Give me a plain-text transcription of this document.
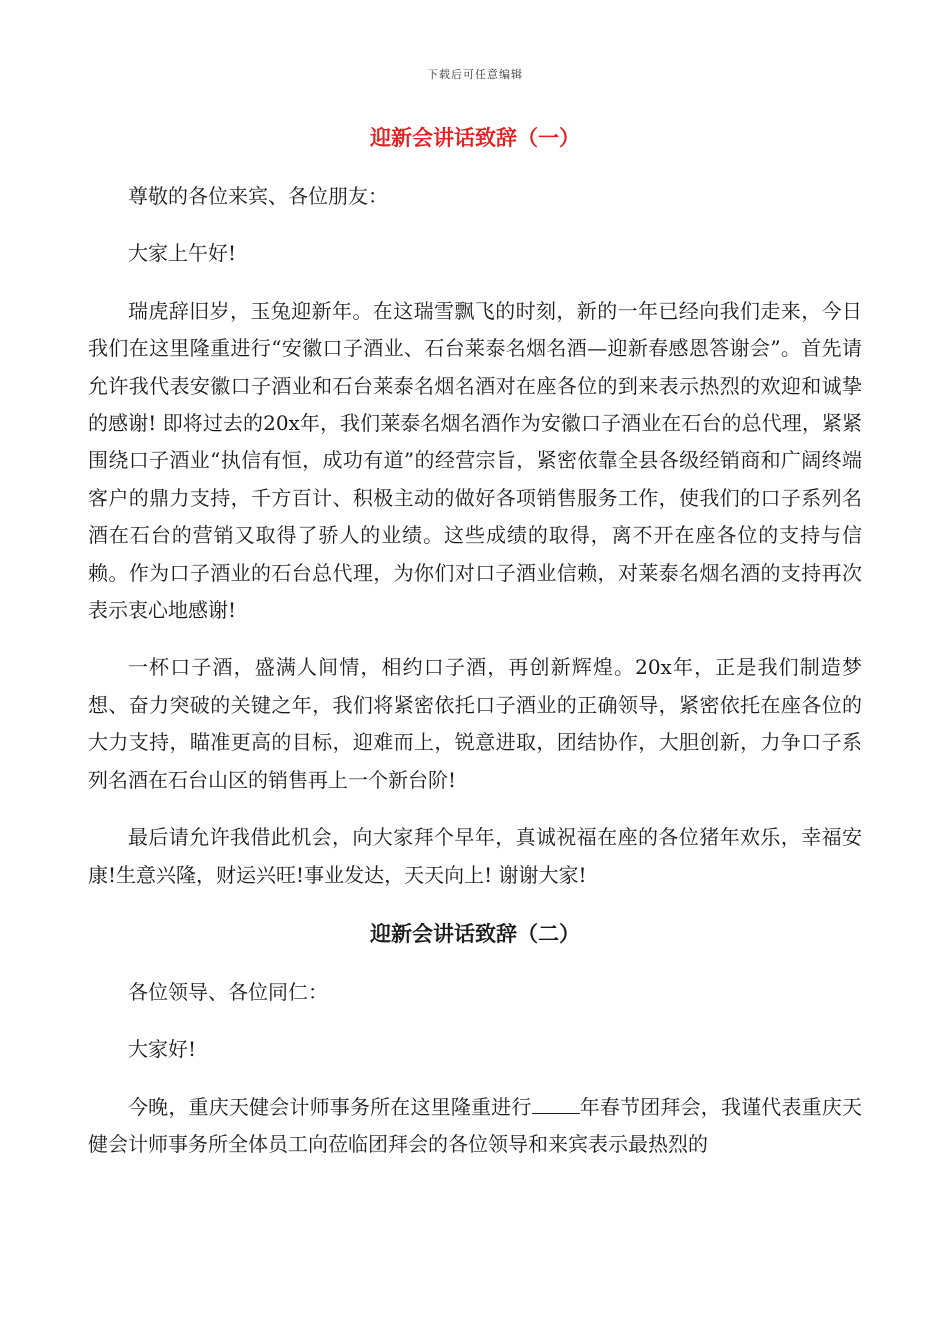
下载后可任意编辑
迎新会讲话致辞（一）

尊敬的各位来宾、各位朋友：

大家上午好!

瑞虎辞旧岁，玉兔迎新年。在这瑞雪飘飞的时刻，新的一年已经向我们走来，今日我们在这里隆重进行“安徽口子酒业、石台莱泰名烟名酒—迎新春感恩答谢会”。首先请允许我代表安徽口子酒业和石台莱泰名烟名酒对在座各位的到来表示热烈的欢迎和诚挚的感谢! 即将过去的20x年，我们莱泰名烟名酒作为安徽口子酒业在石台的总代理，紧紧围绕口子酒业“执信有恒，成功有道”的经营宗旨，紧密依靠全县各级经销商和广阔终端客户的鼎力支持，千方百计、积极主动的做好各项销售服务工作，使我们的口子系列名酒在石台的营销又取得了骄人的业绩。这些成绩的取得，离不开在座各位的支持与信赖。作为口子酒业的石台总代理，为你们对口子酒业信赖，对莱泰名烟名酒的支持再次表示衷心地感谢!

一杯口子酒，盛满人间情，相约口子酒，再创新辉煌。20x年，正是我们制造梦想、奋力突破的关键之年，我们将紧密依托口子酒业的正确领导，紧密依托在座各位的大力支持，瞄准更高的目标，迎难而上，锐意进取，团结协作，大胆创新，力争口子系列名酒在石台山区的销售再上一个新台阶!

最后请允许我借此机会，向大家拜个早年，真诚祝福在座的各位猪年欢乐，幸福安康!生意兴隆，财运兴旺!事业发达，天天向上! 谢谢大家!

迎新会讲话致辞（二）

各位领导、各位同仁：

大家好!

今晚，重庆天健会计师事务所在这里隆重进行 年春节团拜会，我谨代表重庆天健会计师事务所全体员工向莅临团拜会的各位领导和来宾表示最热烈的
